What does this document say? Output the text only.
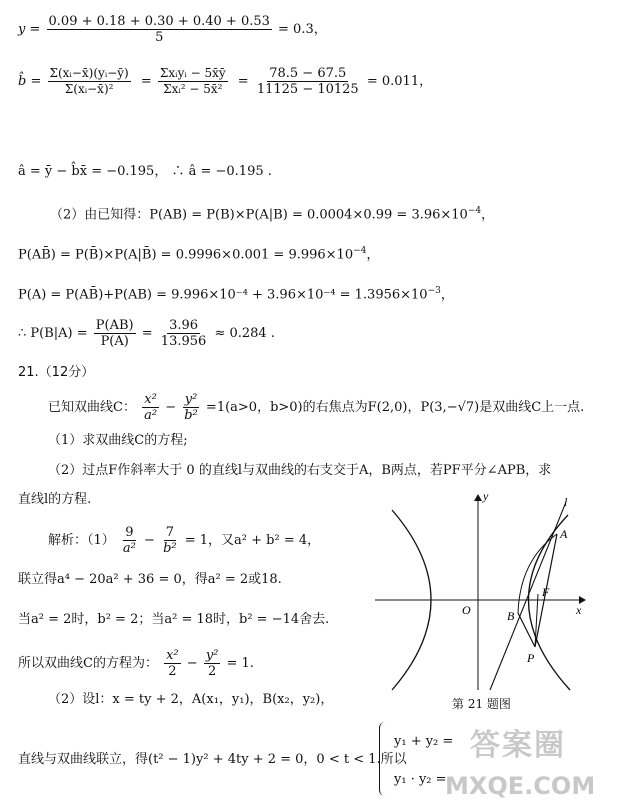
$y = \frac{0.09 + 0.18 + 0.30 + 0.40 + 0.53}{5} = 0.3$，
b̂ = $\frac{\text{Σ(xᵢ−x̄)(yᵢ−ȳ)}}{\text{Σ(xᵢ−x̄)²}} = \frac{\text{Σxᵢyᵢ − 5x̄ȳ}}{\text{Σxᵢ² − 5x̄²}} = \frac{78.5 - 67.5}{11125 - 10125} = 0.011$，
â = ȳ − b̂x̄ = −0.195， ∴ â = −0.195 .
（2）由已知得：$P(AB) = P(B)\times P(A|B) = 0.0004\times 0.99 = 3.96\times 10^{-4}$，
P(AB̄) = P(B̄)×P(A|B̄) = $0.9996\times 0.001 = 9.996\times 10^{-4}$，
P(A) = P(AB̄)+P(AB) = $9.996\times 10^{-4} + 3.96\times 10^{-4} = 1.3956\times 10^{-3}$，
∴ $P(B|A) = \frac{P(AB)}{P(A)} = \frac{3.96}{13.956} \approx 0.284$ .
21.（12分）
已知双曲线C： $\frac{\text{x²}}{\text{a²}} - \frac{\text{y²}}{\text{b²}} =1(a>0$，b>0)的右焦点为F(2,0)，P(3,−√7)是双曲线C上一点.
（1）求双曲线C的方程;
（2）过点F作斜率大于 0 的直线l与双曲线的右支交于A，B两点，若PF平分∠APB，求
直线l的方程.
解析：$(1) \frac{9}{\text{a²}} - \frac{7}{\text{b²}} = 1$，又a² + b² = 4，
联立得a⁴ − 20a² + 36 = 0，得a² = 2或18.
当a² = 2时，b² = 2；当a² = 18时，b² = −14舍去.
所以双曲线C的方程为： $\frac{\text{x²}}{2} - \frac{\text{y²}}{2} = 1$.
（2）设l：x = ty + 2，A(x₁，y₁)，B(x₂，y₂)，
直线与双曲线联立，得(t² − 1)y² + 4ty + 2 = 0，0 < t < 1.所以
y₁ + y₂ =
y₁ · y₂ =
y
x
O
l
A
F
B
P
第 21 题图
答案圈
MXQE.COM
